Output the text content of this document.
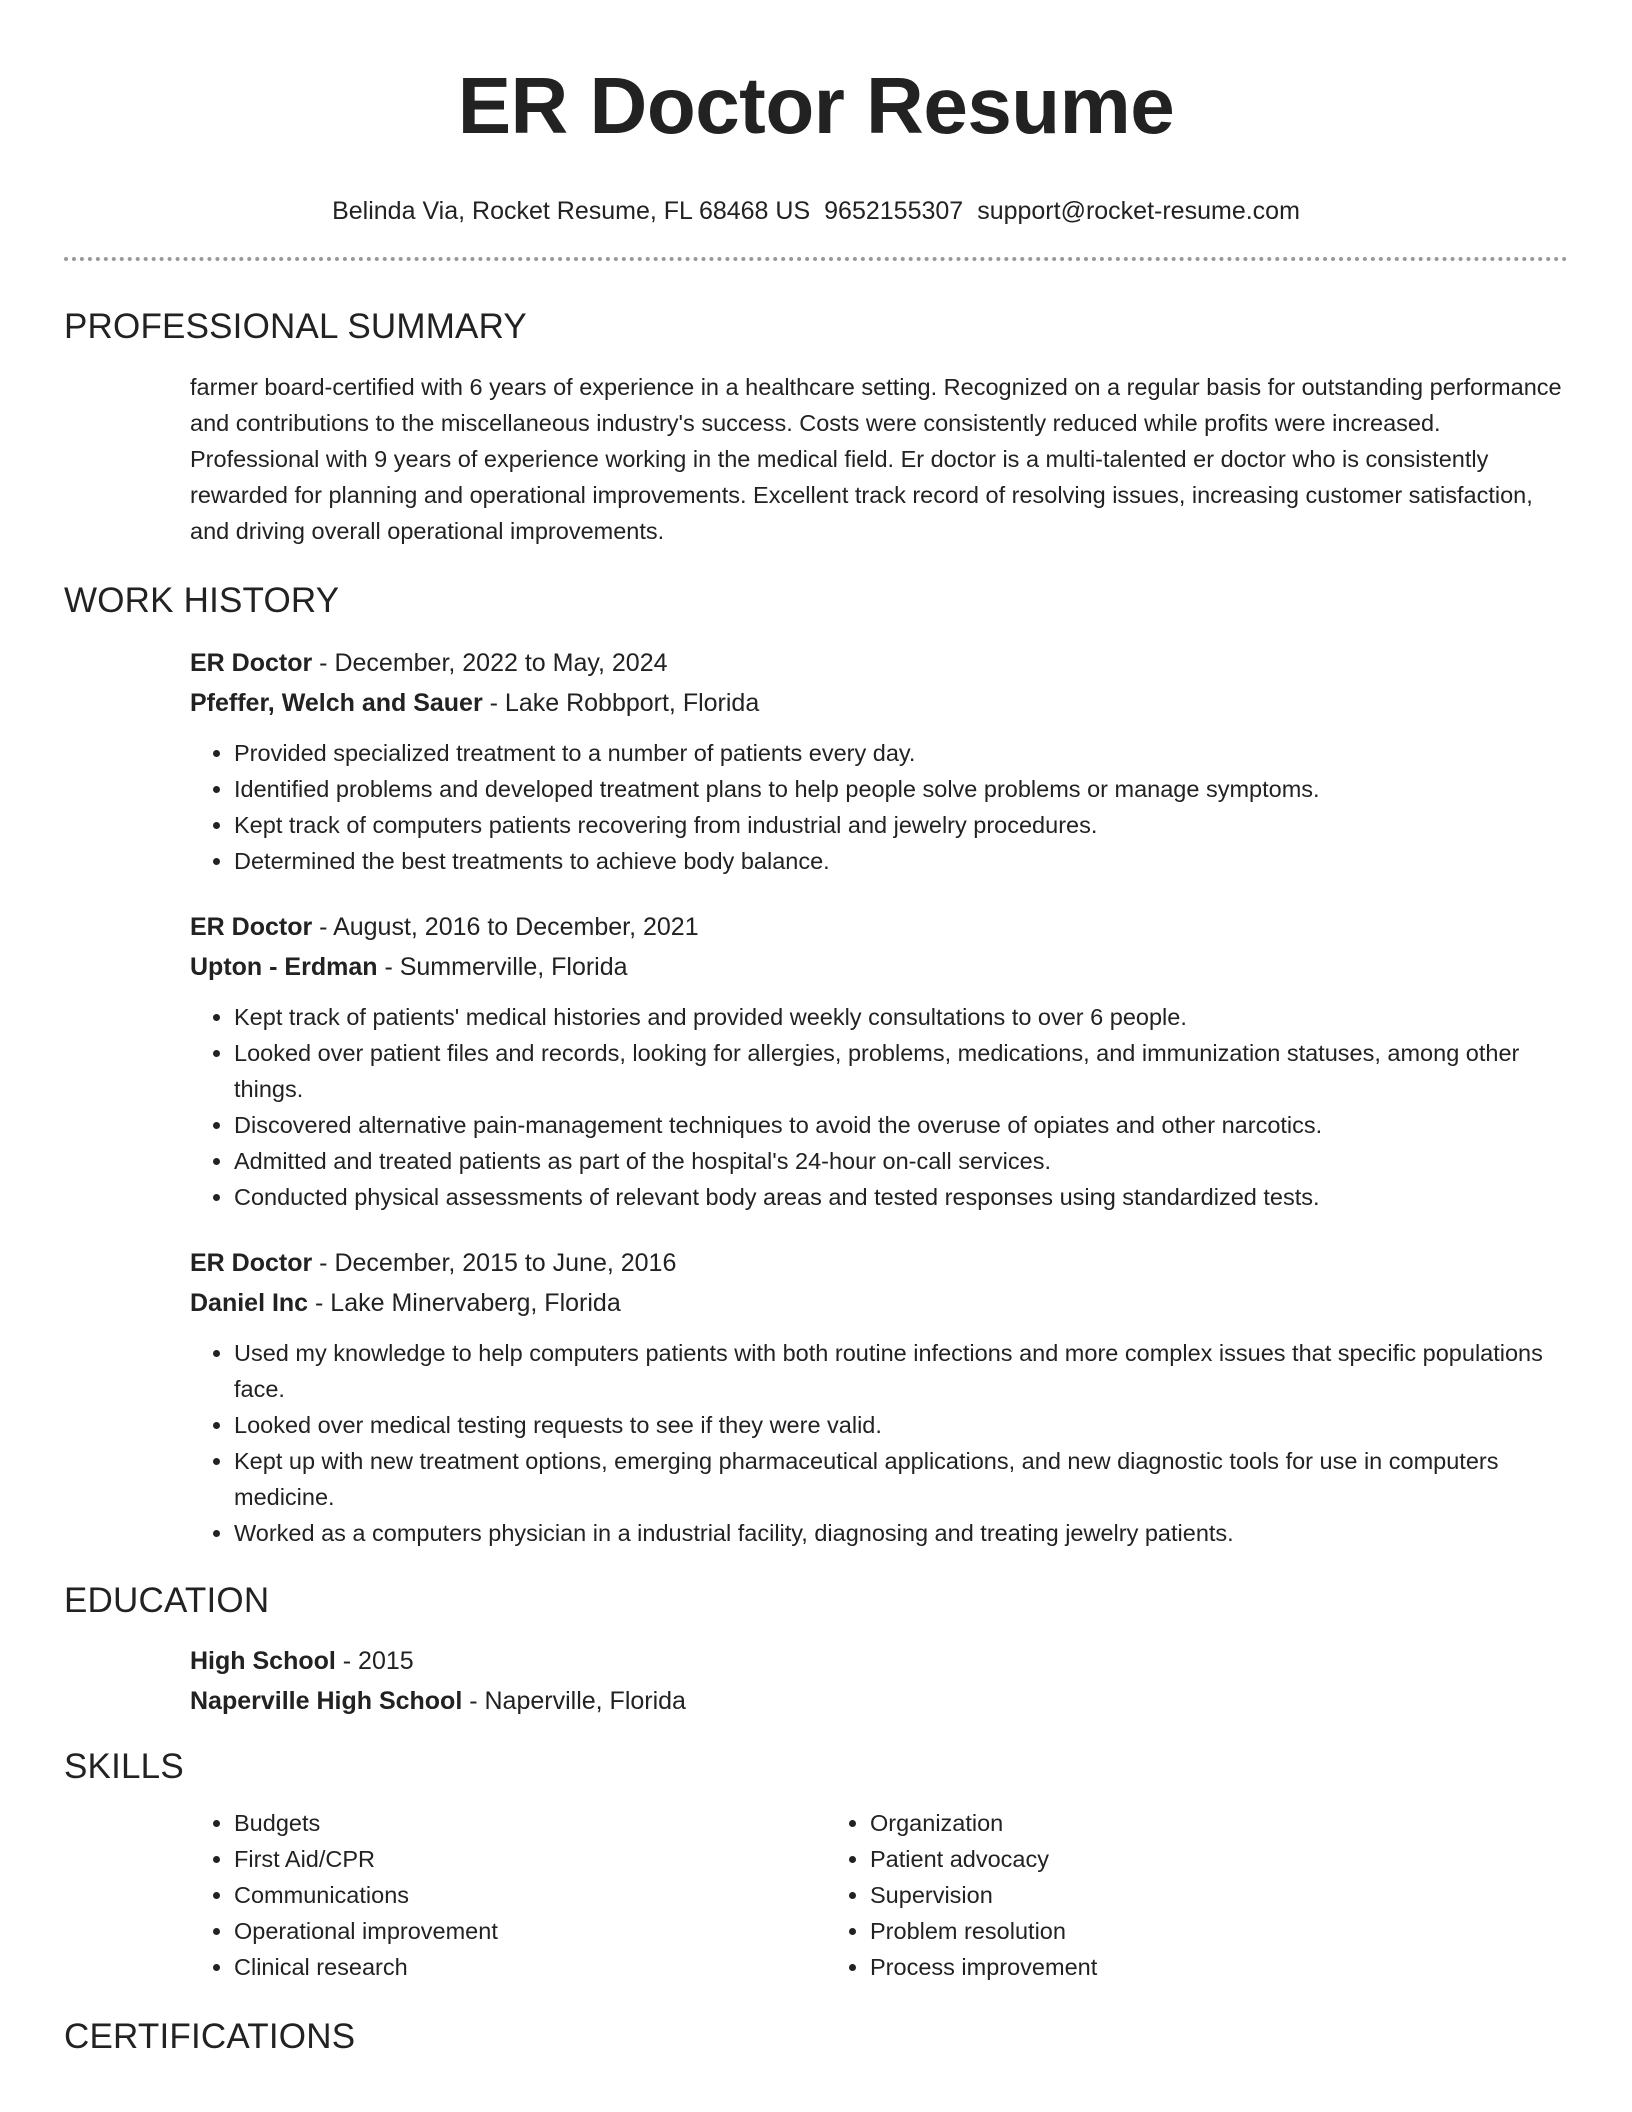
ER Doctor Resume
Belinda Via, Rocket Resume, FL 68468 US 9652155307 support@rocket-resume.com
PROFESSIONAL SUMMARY
farmer board-certified with 6 years of experience in a healthcare setting. Recognized on a regular basis for outstanding performance and contributions to the miscellaneous industry's success. Costs were consistently reduced while profits were increased. Professional with 9 years of experience working in the medical field. Er doctor is a multi-talented er doctor who is consistently rewarded for planning and operational improvements. Excellent track record of resolving issues, increasing customer satisfaction, and driving overall operational improvements.
WORK HISTORY
ER Doctor - December, 2022 to May, 2024
Pfeffer, Welch and Sauer - Lake Robbport, Florida
• Provided specialized treatment to a number of patients every day.
• Identified problems and developed treatment plans to help people solve problems or manage symptoms.
• Kept track of computers patients recovering from industrial and jewelry procedures.
• Determined the best treatments to achieve body balance.
ER Doctor - August, 2016 to December, 2021
Upton - Erdman - Summerville, Florida
• Kept track of patients' medical histories and provided weekly consultations to over 6 people.
• Looked over patient files and records, looking for allergies, problems, medications, and immunization statuses, among other things.
• Discovered alternative pain-management techniques to avoid the overuse of opiates and other narcotics.
• Admitted and treated patients as part of the hospital's 24-hour on-call services.
• Conducted physical assessments of relevant body areas and tested responses using standardized tests.
ER Doctor - December, 2015 to June, 2016
Daniel Inc - Lake Minervaberg, Florida
• Used my knowledge to help computers patients with both routine infections and more complex issues that specific populations face.
• Looked over medical testing requests to see if they were valid.
• Kept up with new treatment options, emerging pharmaceutical applications, and new diagnostic tools for use in computers medicine.
• Worked as a computers physician in a industrial facility, diagnosing and treating jewelry patients.
EDUCATION
High School - 2015
Naperville High School - Naperville, Florida
SKILLS
• Budgets
• First Aid/CPR
• Communications
• Operational improvement
• Clinical research
• Organization
• Patient advocacy
• Supervision
• Problem resolution
• Process improvement
CERTIFICATIONS
